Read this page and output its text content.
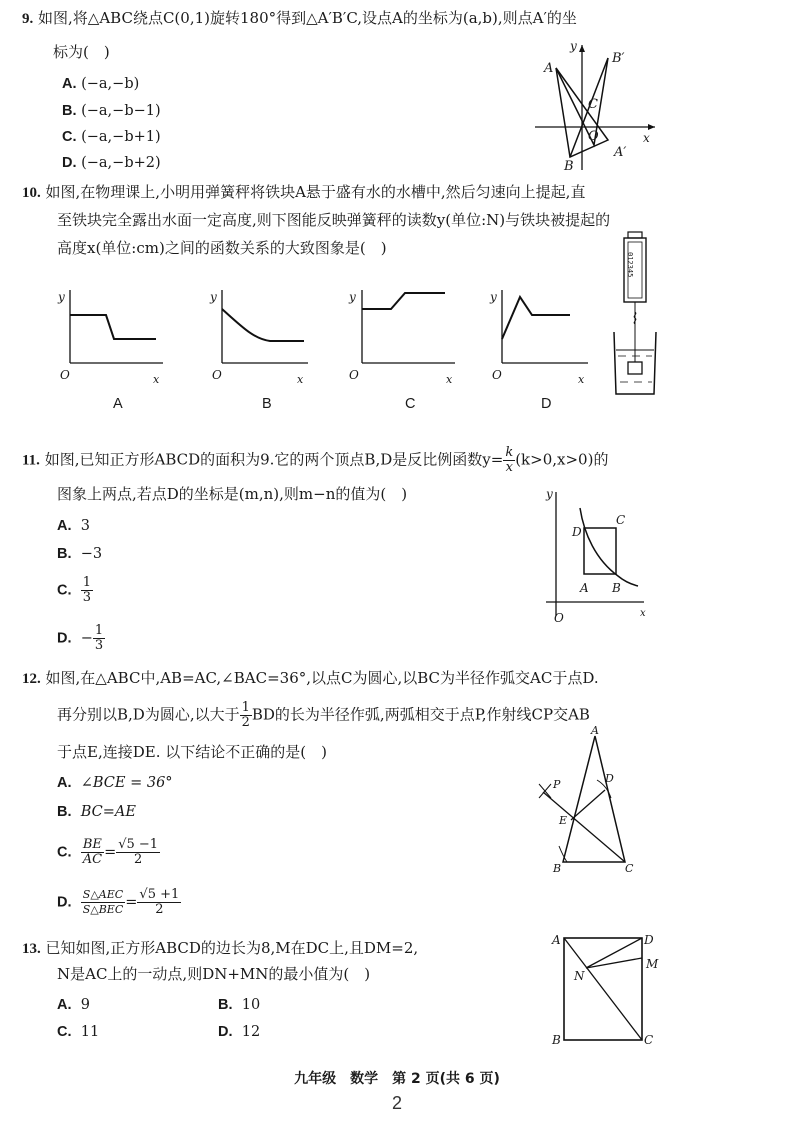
9. 如图,将△ABC绕点C(0,1)旋转180°得到△A′B′C,设点A的坐标为(a,b),则点A′的坐
标为(　)
A. (−a,−b)
B. (−a,−b−1)
C. (−a,−b+1)
D. (−a,−b+2)
A
B
C
B′
A′
O	x
y
10. 如图,在物理课上,小明用弹簧秤将铁块A悬于盛有水的水槽中,然后匀速向上提起,直
至铁块完全露出水面一定高度,则下图能反映弹簧秤的读数y(单位:N)与铁块被提起的
高度x(单位:cm)之间的函数关系的大致图象是(　)
y
O	x
A
y
O	x
B
y
O	x
C
y
O	x
D
012345
11. 如图,已知正方形ABCD的面积为9.它的两个顶点B,D是反比例函数$y= \frac{k}{x} (k>0,x>0)$的
图象上两点,若点D的坐标是(m,n),则m−n的值为(　)
A. 3
B. −3
C. $\frac{1}{3}$
D. − $\frac{1}{3}$
D
C
A B
O	x
y
12. 如图,在△ABC中,AB=AC,∠BAC=36°,以点C为圆心,以BC为半径作弧交AC于点D.
再分别以B,D为圆心,以大于 $\frac{1}{2}$ BD的长为半径作弧,两弧相交于点P,作射线CP交AB
于点E,连接DE. 以下结论不正确的是(　)
A. ∠BCE = 36°
B. BC=AE
C. $\frac{BE}{AC} = \frac{√5 -1}{2}$
D. $\frac{\text{S△AEC}}{\text{S△BEC}} = \frac{√5 +1}{2}$
A
D
P
E
B	C
13. 已知如图,正方形ABCD的边长为8,M在DC上,且DM=2,
N是AC上的一动点,则DN+MN的最小值为(　)
A. 9	B. 10
C. 11	D. 12
A	D
M
N
B	C
九年级　数学　第 2 页(共 6 页)
2
